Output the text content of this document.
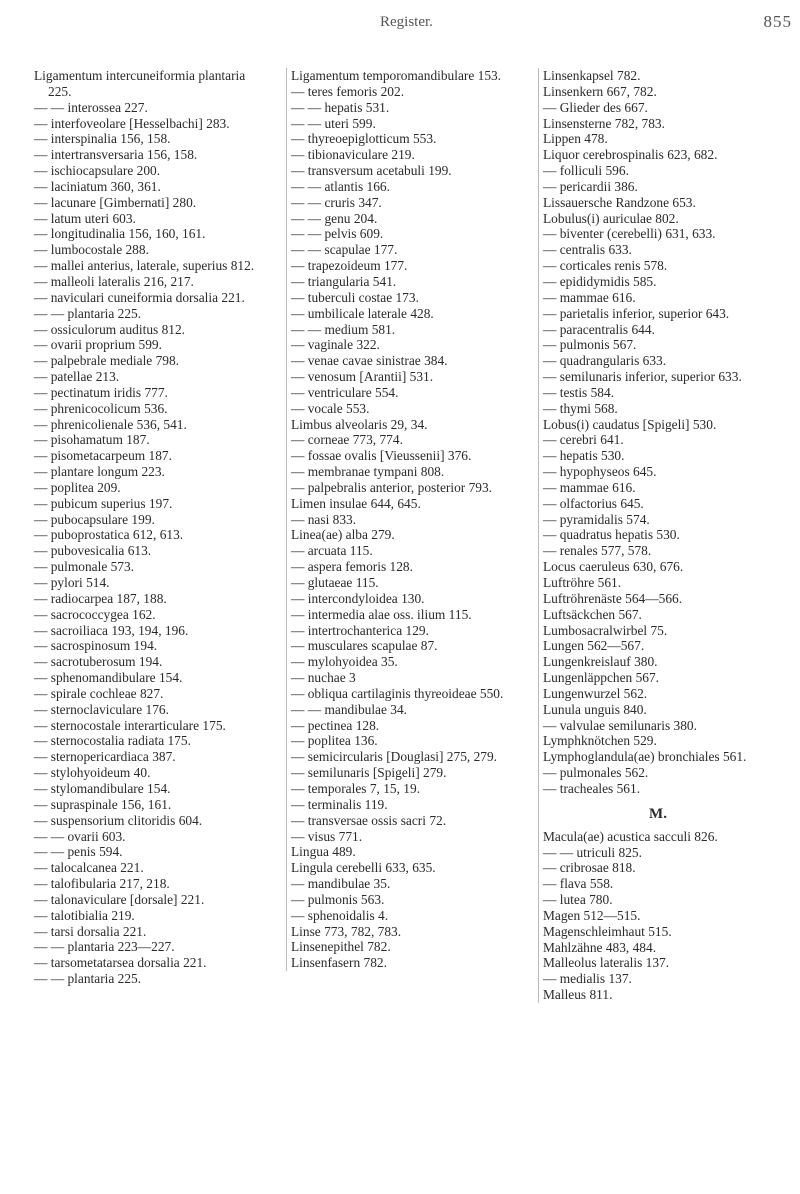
Register.	855

Ligamentum intercuneiformia plantaria 225.

— — interossea 227.

— interfoveolare [Hesselbachi] 283.

— interspinalia 156, 158.

— intertransversaria 156, 158.

— ischiocapsulare 200.

— laciniatum 360, 361.

— lacunare [Gimbernati] 280.

— latum uteri 603.

— longitudinalia 156, 160, 161.

— lumbocostale 288.

— mallei anterius, laterale, superius 812.

— malleoli lateralis 216, 217.

— naviculari cuneiformia dorsalia 221.

— — plantaria 225.

— ossiculorum auditus 812.

— ovarii proprium 599.

— palpebrale mediale 798.

— patellae 213.

— pectinatum iridis 777.

— phrenicocolicum 536.

— phrenicolienale 536, 541.

— pisohamatum 187.

— pisometacarpeum 187.

— plantare longum 223.

— poplitea 209.

— pubicum superius 197.

— pubocapsulare 199.

— puboprostatica 612, 613.

— pubovesicalia 613.

— pulmonale 573.

— pylori 514.

— radiocarpea 187, 188.

— sacrococcygea 162.

— sacroiliaca 193, 194, 196.

— sacrospinosum 194.

— sacrotuberosum 194.

— sphenomandibulare 154.

— spirale cochleae 827.

— sternoclaviculare 176.

— sternocostale interarticulare 175.

— sternocostalia radiata 175.

— sternopericardiaca 387.

— stylohyoideum 40.

— stylomandibulare 154.

— supraspinale 156, 161.

— suspensorium clitoridis 604.

— — ovarii 603.

— — penis 594.

— talocalcanea 221.

— talofibularia 217, 218.

— talonaviculare [dorsale] 221.

— talotibialia 219.

— tarsi dorsalia 221.

— — plantaria 223—227.

— tarsometatarsea dorsalia 221.

— — plantaria 225.

Ligamentum temporomandibulare 153.

— teres femoris 202.

— — hepatis 531.

— — uteri 599.

— thyreoepiglotticum 553.

— tibionaviculare 219.

— transversum acetabuli 199.

— — atlantis 166.

— — cruris 347.

— — genu 204.

— — pelvis 609.

— — scapulae 177.

— trapezoideum 177.

— triangularia 541.

— tuberculi costae 173.

— umbilicale laterale 428.

— — medium 581.

— vaginale 322.

— venae cavae sinistrae 384.

— venosum [Arantii] 531.

— ventriculare 554.

— vocale 553.

Limbus alveolaris 29, 34.

— corneae 773, 774.

— fossae ovalis [Vieussenii] 376.

— membranae tympani 808.

— palpebralis anterior, posterior 793.

Limen insulae 644, 645.

— nasi 833.

Linea(ae) alba 279.

— arcuata 115.

— aspera femoris 128.

— glutaeae 115.

— intercondyloidea 130.

— intermedia alae oss. ilium 115.

— intertrochanterica 129.

— musculares scapulae 87.

— mylohyoidea 35.

— nuchae 3

— obliqua cartilaginis thyreoideae 550.

— — mandibulae 34.

— pectinea 128.

— poplitea 136.

— semicircularis [Douglasi] 275, 279.

— semilunaris [Spigeli] 279.

— temporales 7, 15, 19.

— terminalis 119.

— transversae ossis sacri 72.

— visus 771.

Lingua 489.

Lingula cerebelli 633, 635.

— mandibulae 35.

— pulmonis 563.

— sphenoidalis 4.

Linse 773, 782, 783.

Linsenepithel 782.

Linsenfasern 782.

Linsenkapsel 782.

Linsenkern 667, 782.

— Glieder des 667.

Linsensterne 782, 783.

Lippen 478.

Liquor cerebrospinalis 623, 682.

— folliculi 596.

— pericardii 386.

Lissauersche Randzone 653.

Lobulus(i) auriculae 802.

— biventer (cerebelli) 631, 633.

— centralis 633.

— corticales renis 578.

— epididymidis 585.

— mammae 616.

— parietalis inferior, superior 643.

— paracentralis 644.

— pulmonis 567.

— quadrangularis 633.

— semilunaris inferior, superior 633.

— testis 584.

— thymi 568.

Lobus(i) caudatus [Spigeli] 530.

— cerebri 641.

— hepatis 530.

— hypophyseos 645.

— mammae 616.

— olfactorius 645.

— pyramidalis 574.

— quadratus hepatis 530.

— renales 577, 578.

Locus caeruleus 630, 676.

Luftröhre 561.

Luftröhrenäste 564—566.

Luftsäckchen 567.

Lumbosacralwirbel 75.

Lungen 562—567.

Lungenkreislauf 380.

Lungenläppchen 567.

Lungenwurzel 562.

Lunula unguis 840.

— valvulae semilunaris 380.

Lymphknötchen 529.

Lymphoglandula(ae) bronchiales 561.

— pulmonales 562.

— tracheales 561.

M.

Macula(ae) acustica sacculi 826.

— — utriculi 825.

— cribrosae 818.

— flava 558.

— lutea 780.

Magen 512—515.

Magenschleimhaut 515.

Mahlzähne 483, 484.

Malleolus lateralis 137.

— medialis 137.

Malleus 811.
